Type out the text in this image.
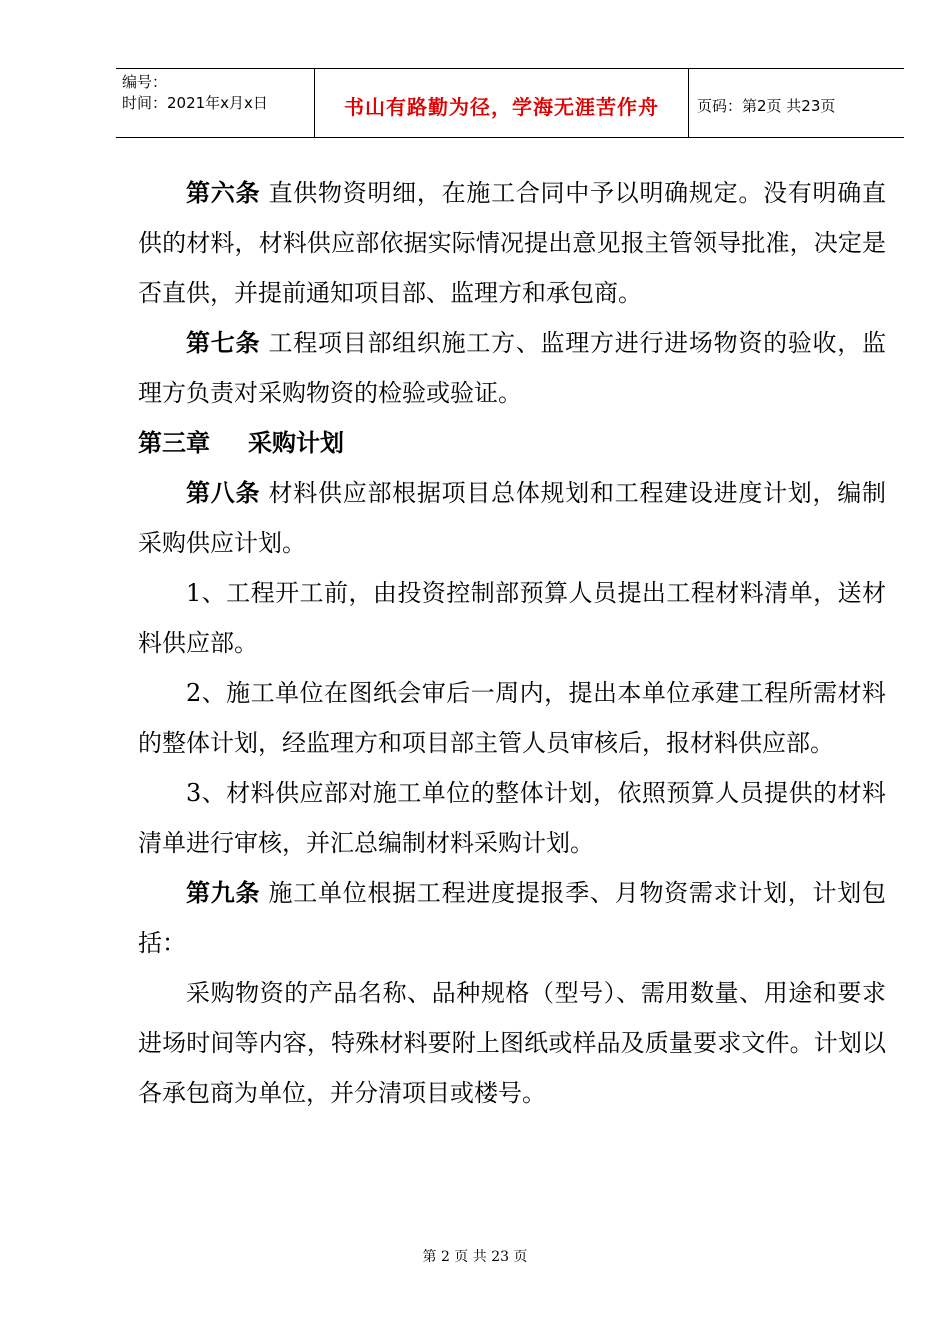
编号：
时间：2021年x月x日	书山有路勤为径，学海无涯苦作舟	页码：第2页 共23页

第六条 直供物资明细，在施工合同中予以明确规定。没有明确直供的材料，材料供应部依据实际情况提出意见报主管领导批准，决定是否直供，并提前通知项目部、监理方和承包商。

第七条 工程项目部组织施工方、监理方进行进场物资的验收，监理方负责对采购物资的检验或验证。

第三章 采购计划

第八条 材料供应部根据项目总体规划和工程建设进度计划，编制采购供应计划。

1、工程开工前，由投资控制部预算人员提出工程材料清单，送材料供应部。

2、施工单位在图纸会审后一周内，提出本单位承建工程所需材料的整体计划，经监理方和项目部主管人员审核后，报材料供应部。

3、材料供应部对施工单位的整体计划，依照预算人员提供的材料清单进行审核，并汇总编制材料采购计划。

第九条 施工单位根据工程进度提报季、月物资需求计划，计划包括：

采购物资的产品名称、品种规格（型号）、需用数量、用途和要求进场时间等内容，特殊材料要附上图纸或样品及质量要求文件。计划以各承包商为单位，并分清项目或楼号。

第 2 页 共 23 页
